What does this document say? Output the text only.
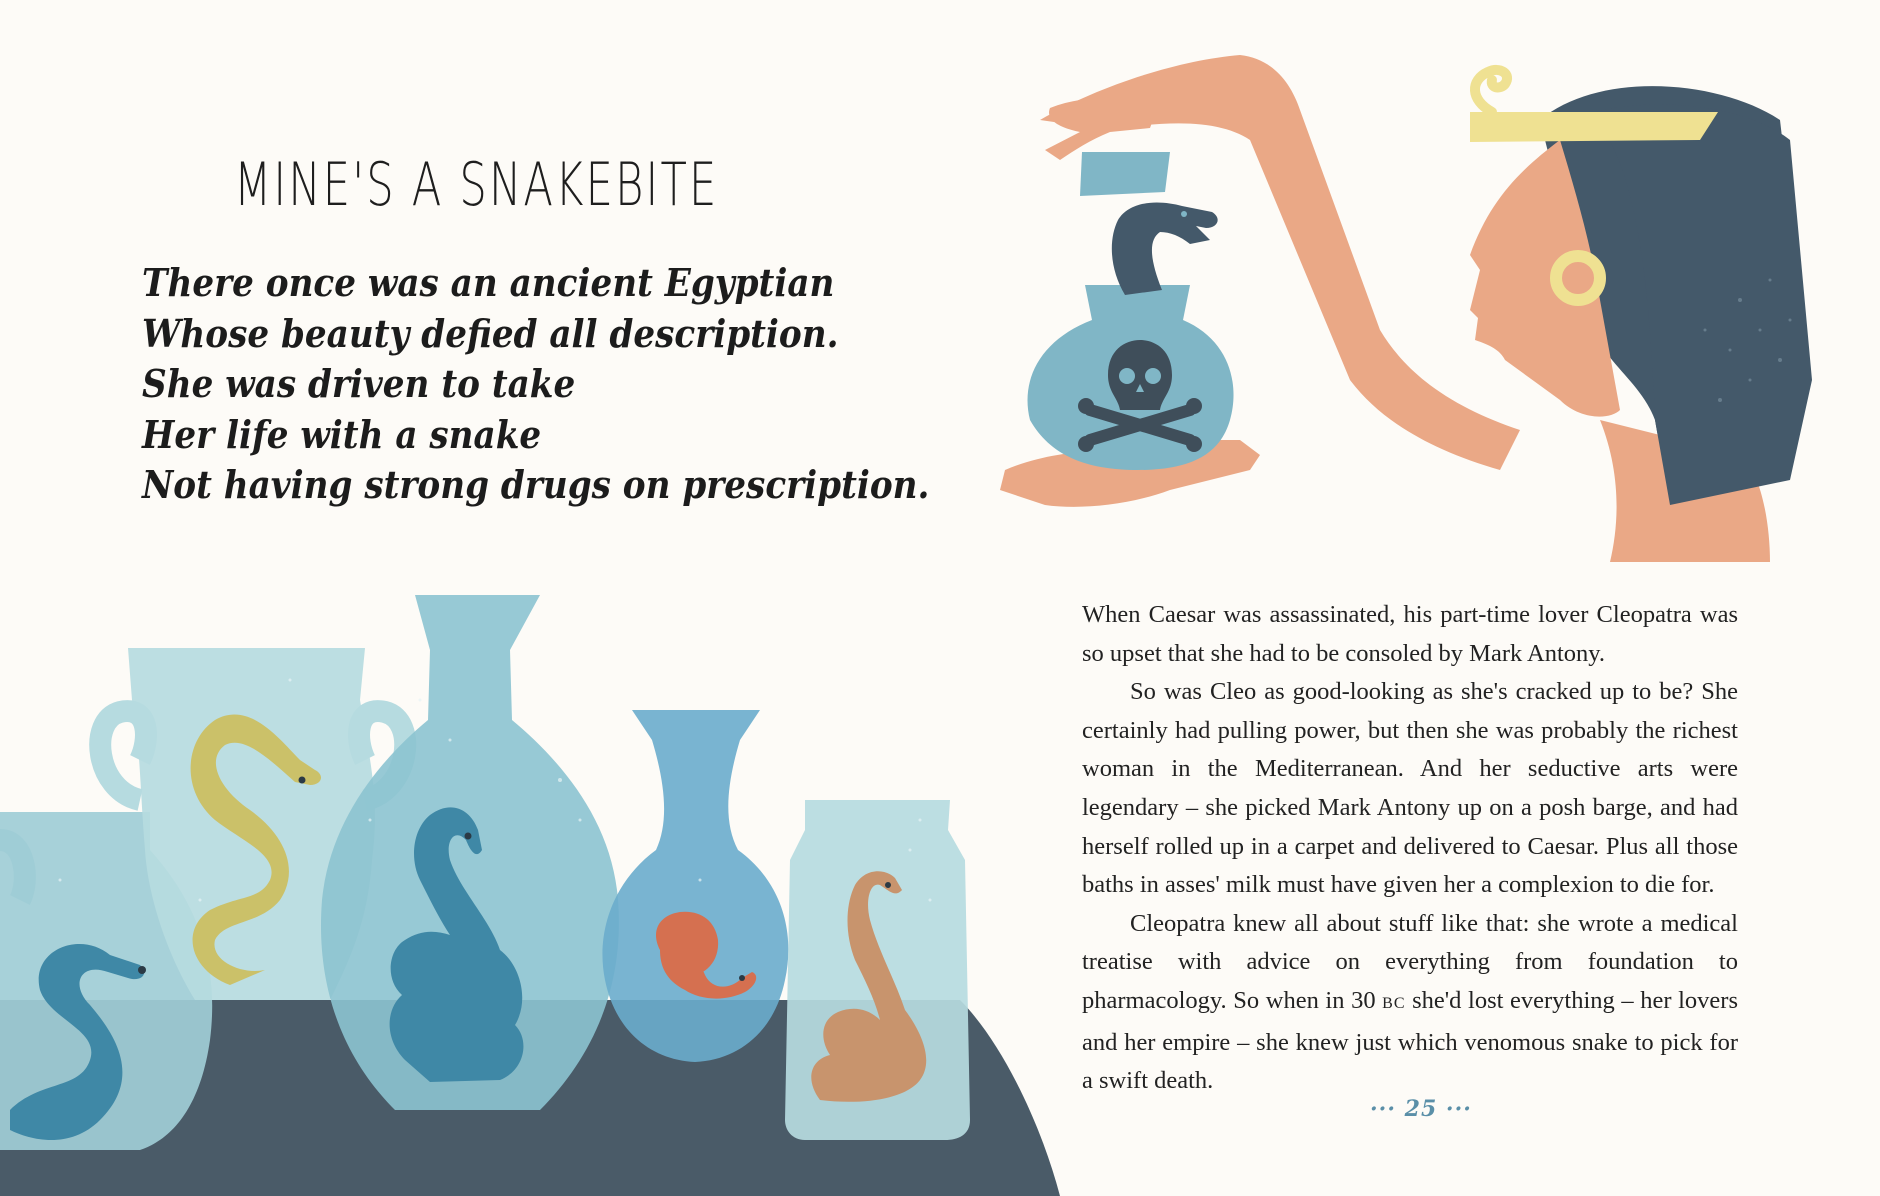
MINE'S A SNAKEBITE
There once was an ancient Egyptian
Whose beauty defied all description.
She was driven to take
Her life with a snake
Not having strong drugs on prescription.

When Caesar was assassinated, his part-time lover Cleopatra was so upset that she had to be consoled by Mark Antony.

So was Cleo as good-looking as she's cracked up to be? She certainly had pulling power, but then she was probably the richest woman in the Mediterranean. And her seductive arts were legendary – she picked Mark Antony up on a posh barge, and had herself rolled up in a carpet and delivered to Caesar. Plus all those baths in asses' milk must have given her a complexion to die for.

Cleopatra knew all about stuff like that: she wrote a medical treatise with advice on everything from foundation to pharmacology. So when in 30 BC she'd lost everything – her lovers and her empire – she knew just which venomous snake to pick for a swift death.

··· 25 ···
